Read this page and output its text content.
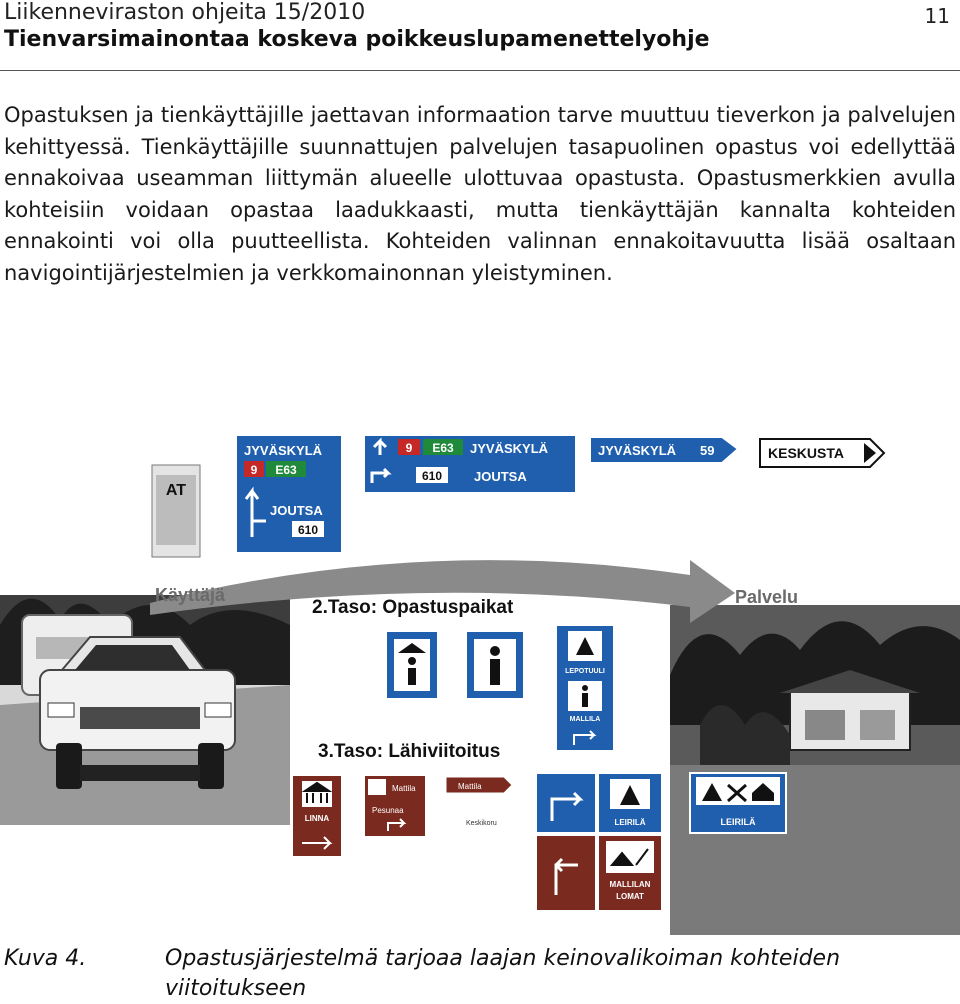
Liikenneviraston ohjeita 15/2010
Tienvarsimainontaa koskeva poikkeuslupamenettelyohje
11
Opastuksen ja tienkäyttäjille jaettavan informaation tarve muuttuu tieverkon ja palvelujen kehittyessä. Tienkäyttäjille suunnattujen palvelujen tasapuolinen opastus voi edellyttää ennakoivaa useamman liittymän alueelle ulottuvaa opastusta. Opastusmerkkien avulla kohteisiin voidaan opastaa laadukkaasti, mutta tienkäyttäjän kannalta kohteiden ennakointi voi olla puutteellista. Kohteiden valinnan ennakoitavuutta lisää osaltaan navigointijärjestelmien ja verkkomainonnan yleistyminen.
Käyttäjä	Palvelu
AT
JYVÄSKYLÄ
9 E63
JOUTSA
610
9 E63 JYVÄSKYLÄ
610 JOUTSA
JYVÄSKYLÄ 59	KESKUSTA
2.Taso: Opastuspaikat
LEPOTUULI
MALLILA
3.Taso: Lähiviitoitus
LINNA
Mattila
Pesunaa
Mattila
Keskikoru	LEIRILÄ
MALLILAN
LOMAT
LEIRILÄ
Kuva 4.	Opastusjärjestelmä tarjoaa laajan keinovalikoiman kohteiden viitoitukseen
